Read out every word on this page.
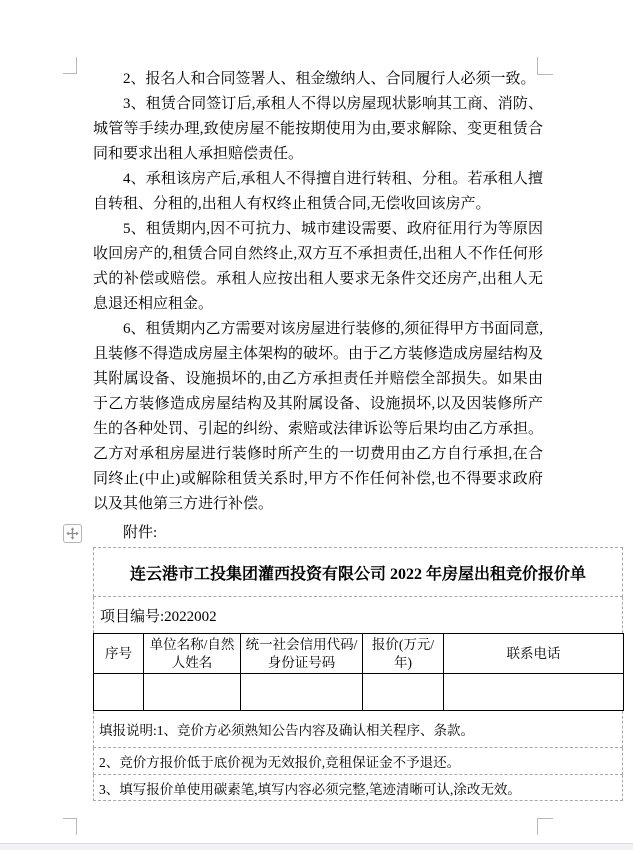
2、报名人和合同签署人、租金缴纳人、合同履行人必须一致。

3、租赁合同签订后,承租人不得以房屋现状影响其工商、消防、城管等手续办理,致使房屋不能按期使用为由,要求解除、变更租赁合同和要求出租人承担赔偿责任。

4、承租该房产后,承租人不得擅自进行转租、分租。若承租人擅自转租、分租的,出租人有权终止租赁合同,无偿收回该房产。

5、租赁期内,因不可抗力、城市建设需要、政府征用行为等原因收回房产的,租赁合同自然终止,双方互不承担责任,出租人不作任何形式的补偿或赔偿。承租人应按出租人要求无条件交还房产,出租人无息退还相应租金。

6、租赁期内乙方需要对该房屋进行装修的,须征得甲方书面同意,且装修不得造成房屋主体架构的破坏。由于乙方装修造成房屋结构及其附属设备、设施损坏的,由乙方承担责任并赔偿全部损失。如果由于乙方装修造成房屋结构及其附属设备、设施损坏,以及因装修所产生的各种处罚、引起的纠纷、索赔或法律诉讼等后果均由乙方承担。乙方对承租房屋进行装修时所产生的一切费用由乙方自行承担,在合同终止(中止)或解除租赁关系时,甲方不作任何补偿,也不得要求政府以及其他第三方进行补偿。

附件:
连云港市工投集团灌西投资有限公司 2022 年房屋出租竞价报价单
项目编号:2022002
序号	单位名称/自然人姓名	统一社会信用代码/身份证号码	报价(万元/年)	联系电话

填报说明:1、竞价方必须熟知公告内容及确认相关程序、条款。
2、竞价方报价低于底价视为无效报价,竞租保证金不予退还。
3、填写报价单使用碳素笔,填写内容必须完整,笔迹清晰可认,涂改无效。
